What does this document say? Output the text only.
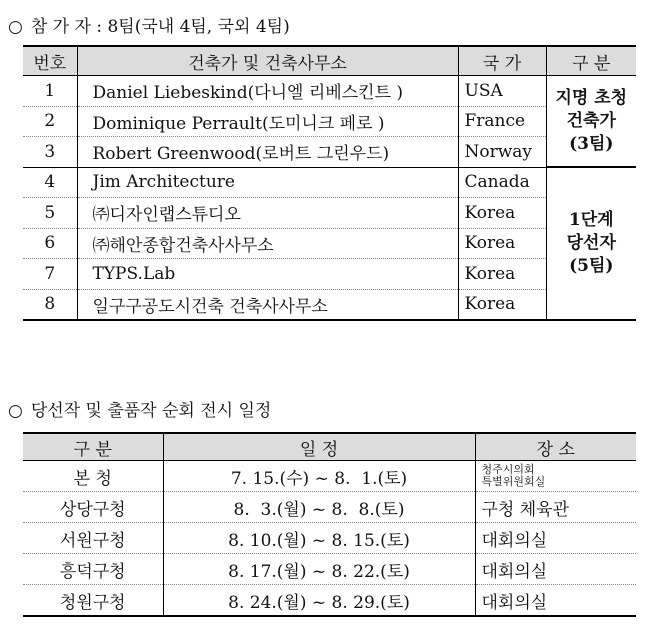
○ 참 가 자 : 8팀(국내 4팀, 국외 4팀)
번호	건축가 및 건축사무소	국 가	구 분
1	Daniel Liebeskind(다니엘 리베스킨트 )	USA	지명 초청
건축가
(3팀)

2	Dominique Perrault(도미니크 페로 )	France	
3	Robert Greenwood(로버트 그린우드)	Norway	
4	Jim Architecture	Canada	1단계
당선자
(5팀)

5	㈜디자인랩스튜디오	Korea	
6	㈜해안종합건축사사무소	Korea	
7	TYPS.Lab	Korea	
8	일구구공도시건축 건축사사무소	Korea	
○ 당선작 및 출품작 순회 전시 일정
구 분	일 정	장 소
본 청	7. 15.(수) ~ 8.  1.(토)	청주시의회
특별위원회실

상당구청	8.  3.(월) ~ 8.  8.(토)	구청 체육관
서원구청	8. 10.(월) ~ 8. 15.(토)	대회의실
흥덕구청	8. 17.(월) ~ 8. 22.(토)	대회의실
청원구청	8. 24.(월) ~ 8. 29.(토)	대회의실
